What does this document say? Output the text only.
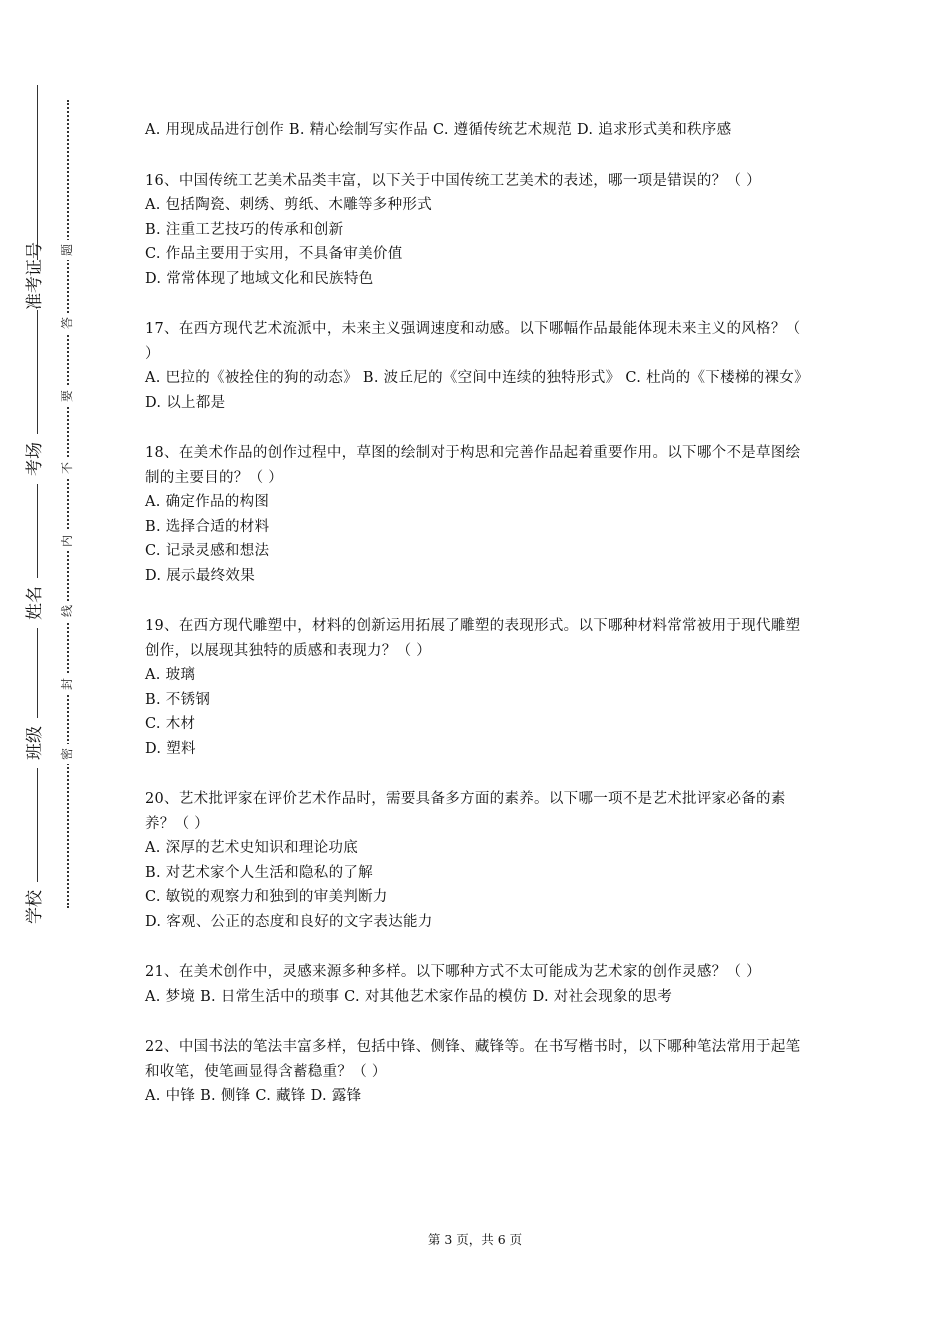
准考证号
考场
姓名
班级
学校
题
答
要
不
内
线
封
密

A. 用现成品进行创作 B. 精心绘制写实作品 C. 遵循传统艺术规范 D. 追求形式美和秩序感

16、中国传统工艺美术品类丰富，以下关于中国传统工艺美术的表述，哪一项是错误的？（ ）

A. 包括陶瓷、刺绣、剪纸、木雕等多种形式

B. 注重工艺技巧的传承和创新

C. 作品主要用于实用，不具备审美价值

D. 常常体现了地域文化和民族特色

17、在西方现代艺术流派中，未来主义强调速度和动感。以下哪幅作品最能体现未来主义的风格？（ ）

A. 巴拉的《被拴住的狗的动态》 B. 波丘尼的《空间中连续的独特形式》 C. 杜尚的《下楼梯的裸女》 D. 以上都是

18、在美术作品的创作过程中，草图的绘制对于构思和完善作品起着重要作用。以下哪个不是草图绘制的主要目的？（ ）

A. 确定作品的构图

B. 选择合适的材料

C. 记录灵感和想法

D. 展示最终效果

19、在西方现代雕塑中，材料的创新运用拓展了雕塑的表现形式。以下哪种材料常常被用于现代雕塑创作，以展现其独特的质感和表现力？（ ）

A. 玻璃

B. 不锈钢

C. 木材

D. 塑料

20、艺术批评家在评价艺术作品时，需要具备多方面的素养。以下哪一项不是艺术批评家必备的素养？（ ）

A. 深厚的艺术史知识和理论功底

B. 对艺术家个人生活和隐私的了解

C. 敏锐的观察力和独到的审美判断力

D. 客观、公正的态度和良好的文字表达能力

21、在美术创作中，灵感来源多种多样。以下哪种方式不太可能成为艺术家的创作灵感？（ ）

A. 梦境 B. 日常生活中的琐事 C. 对其他艺术家作品的模仿 D. 对社会现象的思考

22、中国书法的笔法丰富多样，包括中锋、侧锋、藏锋等。在书写楷书时，以下哪种笔法常用于起笔和收笔，使笔画显得含蓄稳重？（ ）

A. 中锋 B. 侧锋 C. 藏锋 D. 露锋

第 3 页，共 6 页
